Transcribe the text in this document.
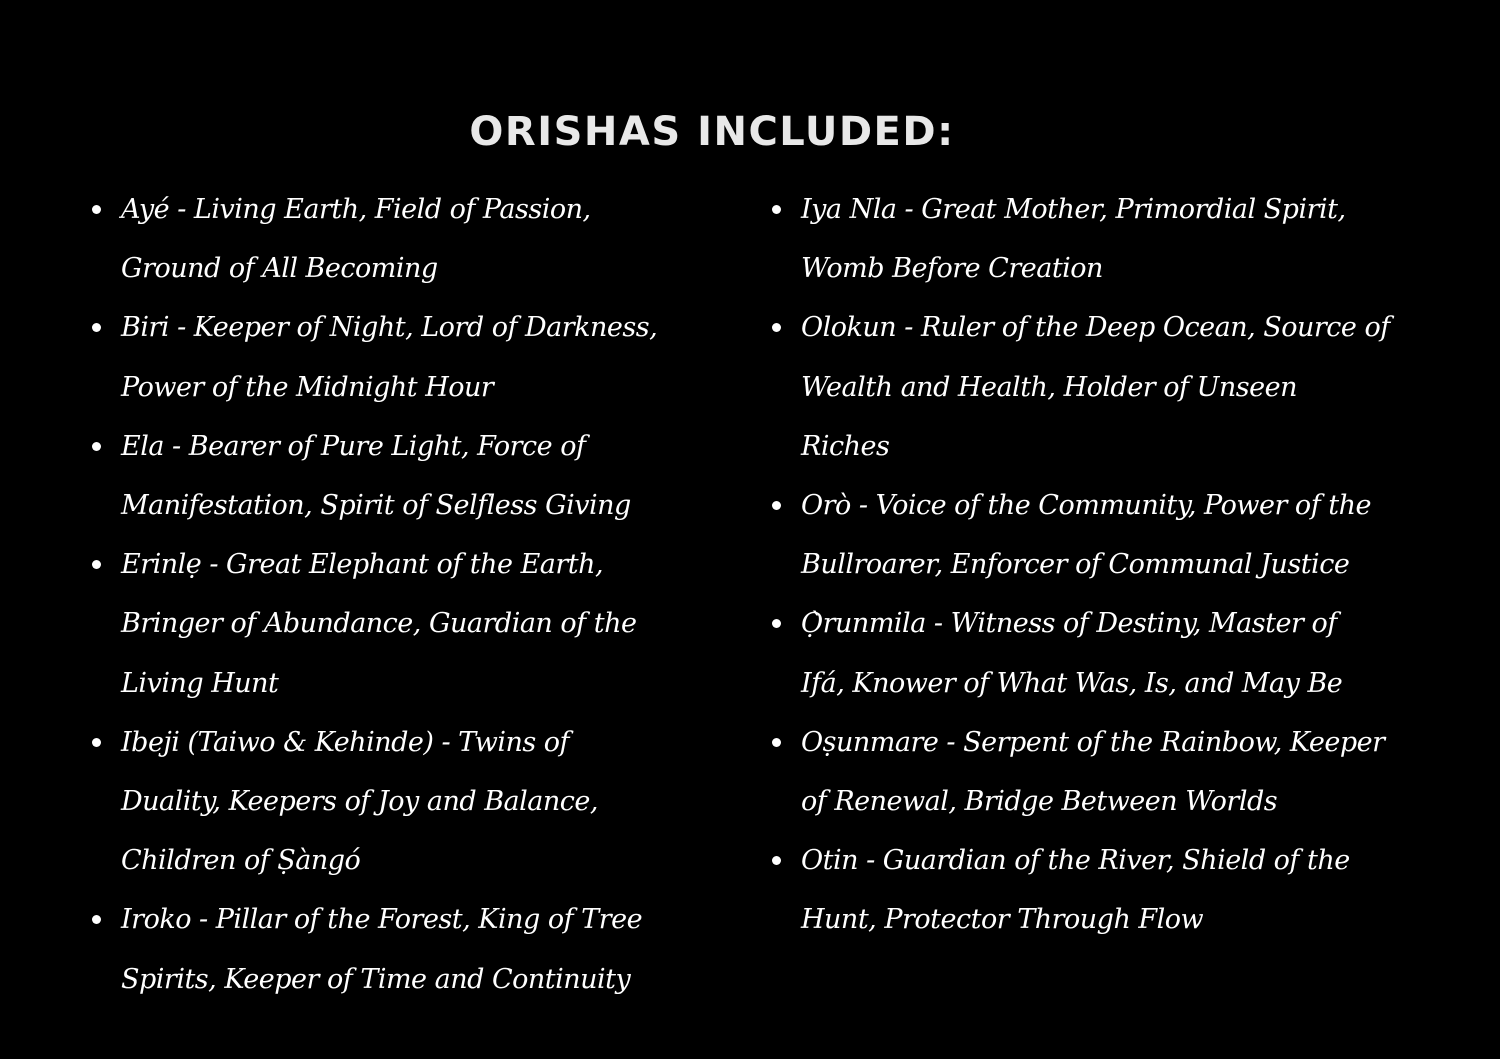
ORISHAS INCLUDED:
Ayé - Living Earth, Field of Passion,
Ground of All Becoming
Biri - Keeper of Night, Lord of Darkness,
Power of the Midnight Hour
Ela - Bearer of Pure Light, Force of
Manifestation, Spirit of Selfless Giving
Erinlẹ - Great Elephant of the Earth,
Bringer of Abundance, Guardian of the
Living Hunt
Ibeji (Taiwo & Kehinde) - Twins of
Duality, Keepers of Joy and Balance,
Children of Ṣàngó
Iroko - Pillar of the Forest, King of Tree
Spirits, Keeper of Time and Continuity
Iya Nla - Great Mother, Primordial Spirit,
Womb Before Creation
Olokun - Ruler of the Deep Ocean, Source of
Wealth and Health, Holder of Unseen
Riches
Orò - Voice of the Community, Power of the
Bullroarer, Enforcer of Communal Justice
Ọ̀runmila - Witness of Destiny, Master of
Ifá, Knower of What Was, Is, and May Be
Oṣunmare - Serpent of the Rainbow, Keeper
of Renewal, Bridge Between Worlds
Otin - Guardian of the River, Shield of the
Hunt, Protector Through Flow
